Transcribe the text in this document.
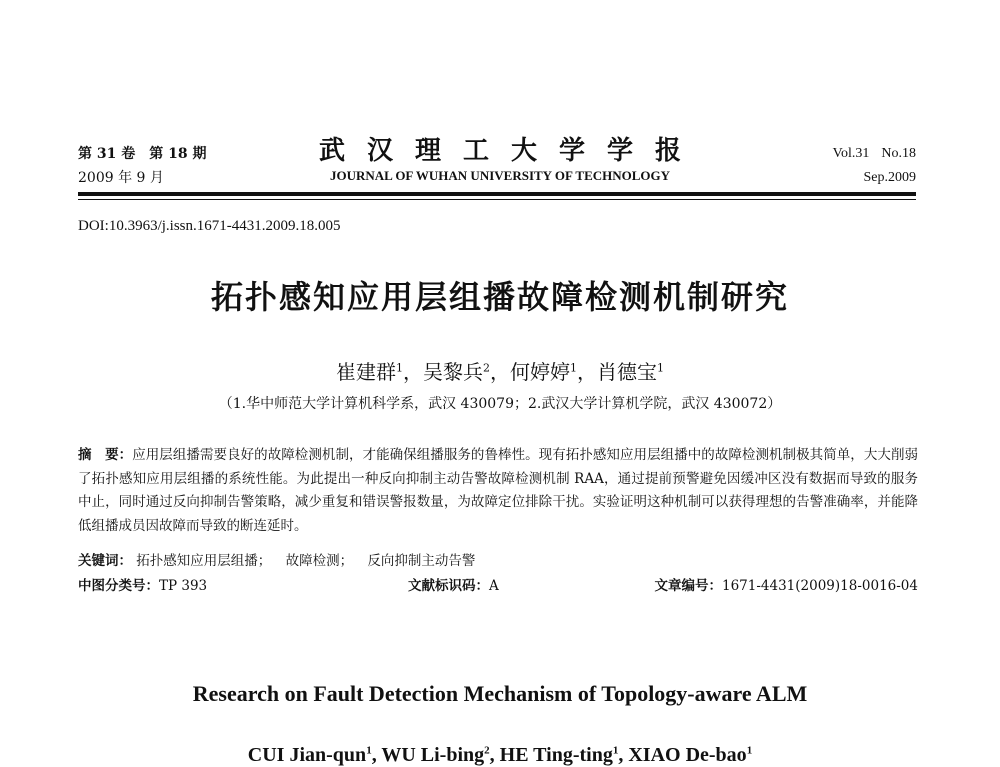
第 31 卷　第 18 期
2009 年 9 月
武汉理工大学学报
JOURNAL OF WUHAN UNIVERSITY OF TECHNOLOGY
Vol.31 No.18
Sep.2009
DOI:10.3963/j.issn.1671-4431.2009.18.005
拓扑感知应用层组播故障检测机制研究
崔建群$^1$，吴黎兵$^2$，何婷婷$^1$，肖德宝$^1$
（1.华中师范大学计算机科学系，武汉 430079；2.武汉大学计算机学院，武汉 430072）
摘　要：应用层组播需要良好的故障检测机制，才能确保组播服务的鲁棒性。现有拓扑感知应用层组播中的故障检测机制极其简单，大大削弱了拓扑感知应用层组播的系统性能。为此提出一种反向抑制主动告警故障检测机制 RAA，通过提前预警避免因缓冲区没有数据而导致的服务中止，同时通过反向抑制告警策略，减少重复和错误警报数量，为故障定位排除干扰。实验证明这种机制可以获得理想的告警准确率，并能降低组播成员因故障而导致的断连延时。
关键词： 拓扑感知应用层组播； 故障检测； 反向抑制主动告警
中图分类号：TP 393	文献标识码：A	文章编号：1671-4431(2009)18-0016-04
Research on Fault Detection Mechanism of Topology-aware ALM
CUI Jian-qun$^1$, WU Li-bing$^2$, HE Ting-ting$^1$, XIAO De-bao$^1$
